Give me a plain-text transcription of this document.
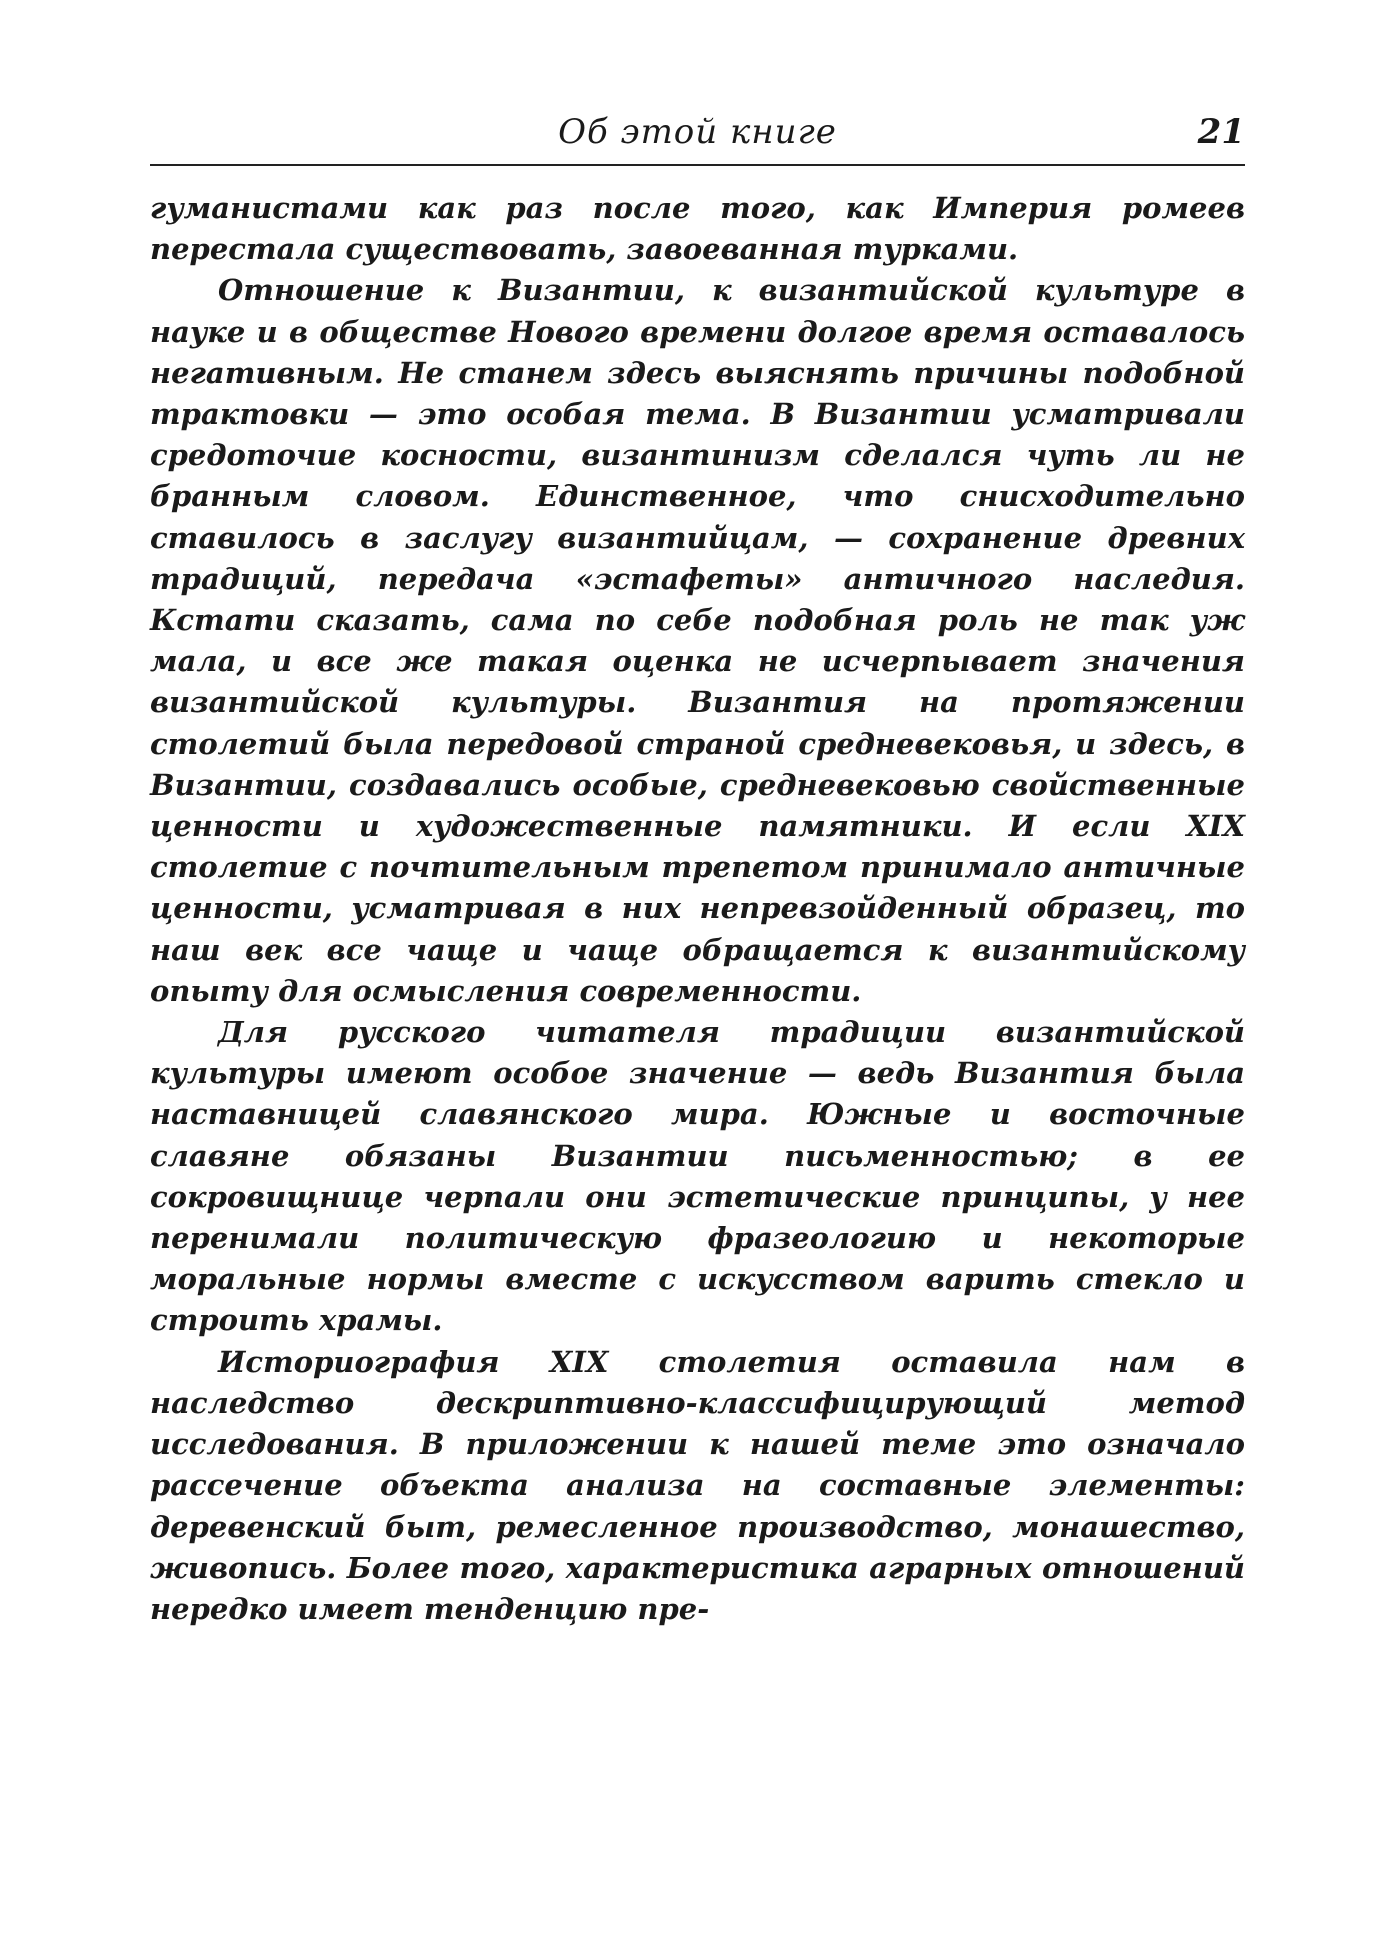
Об этой книге	21

гуманистами как раз после того, как Империя ромеев перестала существовать, завоеванная турками.

Отношение к Византии, к византийской культуре в науке и в обществе Нового времени долгое время оставалось негативным. Не станем здесь выяснять причины подобной трактовки — это особая тема. В Византии усматривали средоточие косности, византинизм сделался чуть ли не бранным словом. Единственное, что снисходительно ставилось в заслугу византийцам, — сохранение древних традиций, передача «эстафеты» античного наследия. Кстати сказать, сама по себе подобная роль не так уж мала, и все же такая оценка не исчерпывает значения византийской культуры. Византия на протяжении столетий была передовой страной средневековья, и здесь, в Византии, создавались особые, средневековью свойственные ценности и художественные памятники. И если XIX столетие с почтительным трепетом принимало античные ценности, усматривая в них непревзойденный образец, то наш век все чаще и чаще обращается к византийскому опыту для осмысления современности.

Для русского читателя традиции византийской культуры имеют особое значение — ведь Византия была наставницей славянского мира. Южные и восточные славяне обязаны Византии письменностью; в ее сокровищнице черпали они эстетические принципы, у нее перенимали политическую фразеологию и некоторые моральные нормы вместе с искусством варить стекло и строить храмы.

Историография XIX столетия оставила нам в наследство дескриптивно-классифицирующий метод исследования. В приложении к нашей теме это означало рассечение объекта анализа на составные элементы: деревенский быт, ремесленное производство, монашество, живопись. Более того, характеристика аграрных отношений нередко имеет тенденцию пре-
